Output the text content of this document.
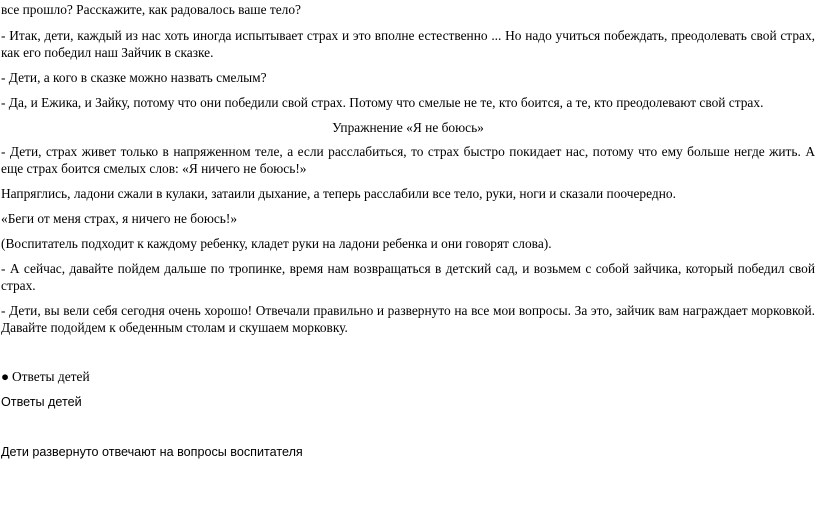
все прошло? Расскажите, как радовалось ваше тело?

- Итак, дети, каждый из нас хоть иногда испытывает страх и это вполне естественно ... Но надо учиться побеждать, преодолевать свой страх, как его победил наш Зайчик в сказке.

- Дети, а кого в сказке можно назвать смелым?

- Да, и Ежика, и Зайку, потому что они победили свой страх. Потому что смелые не те, кто боится, а те, кто преодолевают свой страх.

Упражнение «Я не боюсь»

- Дети, страх живет только в напряженном теле, а если расслабиться, то страх быстро покидает нас, потому что ему больше негде жить. А еще страх боится смелых слов: «Я ничего не боюсь!»

Напряглись, ладони сжали в кулаки, затаили дыхание, а теперь расслабили все тело, руки, ноги и сказали поочередно.

«Беги от меня страх, я ничего не боюсь!»

(Воспитатель подходит к каждому ребенку, кладет руки на ладони ребенка и они говорят слова).

- А сейчас, давайте пойдем дальше по тропинке, время нам возвращаться в детский сад, и возьмем с собой зайчика, который победил свой страх.

- Дети, вы вели себя сегодня очень хорошо! Отвечали правильно и развернуто на все мои вопросы. За это, зайчик вам награждает морковкой. Давайте подойдем к обеденным столам и скушаем морковку.

● Ответы детей

Ответы детей

Дети развернуто отвечают на вопросы воспитателя
